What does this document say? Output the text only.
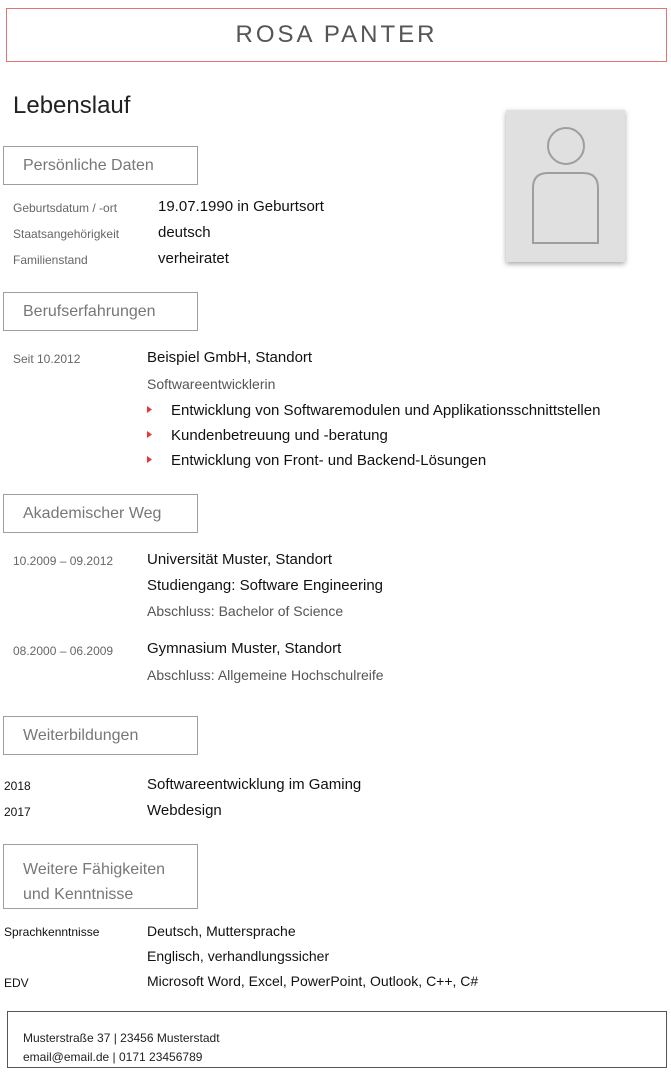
ROSA PANTER
Lebenslauf
Persönliche Daten
Geburtsdatum / -ort	19.07.1990 in Geburtsort
Staatsangehörigkeit	deutsch
Familienstand	verheiratet
Berufserfahrungen
Seit 10.2012	Beispiel GmbH, Standort
Softwareentwicklerin
Entwicklung von Softwaremodulen und Applikationsschnittstellen
Kundenbetreuung und -beratung
Entwicklung von Front- und Backend-Lösungen
Akademischer Weg
10.2009 – 09.2012 Universität Muster, Standort
Studiengang: Software Engineering
Abschluss: Bachelor of Science
08.2000 – 06.2009 Gymnasium Muster, Standort
Abschluss: Allgemeine Hochschulreife
Weiterbildungen
2018	Softwareentwicklung im Gaming
2017	Webdesign
Weitere Fähigkeiten
und Kenntnisse
Sprachkenntnisse	Deutsch, Muttersprache
Englisch, verhandlungssicher
EDV	Microsoft Word, Excel, PowerPoint, Outlook, C++, C#
Musterstraße 37 | 23456 Musterstadt
email@email.de | 0171 23456789
